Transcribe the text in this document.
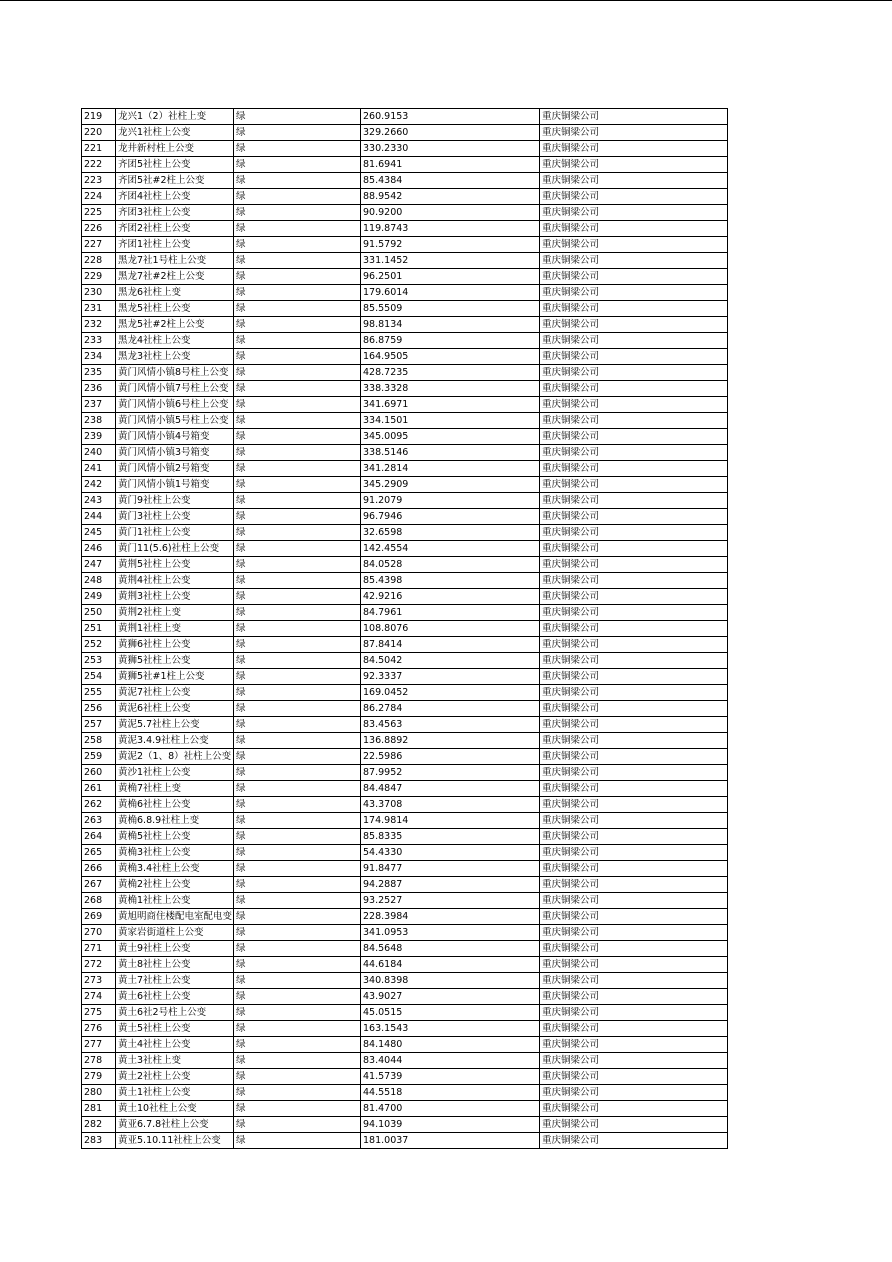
219	龙兴1（2）社柱上变	绿	260.9153	重庆铜梁公司
220	龙兴1社柱上公变	绿	329.2660	重庆铜梁公司
221	龙井新村柱上公变	绿	330.2330	重庆铜梁公司
222	齐团5社柱上公变	绿	81.6941	重庆铜梁公司
223	齐团5社#2柱上公变	绿	85.4384	重庆铜梁公司
224	齐团4社柱上公变	绿	88.9542	重庆铜梁公司
225	齐团3社柱上公变	绿	90.9200	重庆铜梁公司
226	齐团2社柱上公变	绿	119.8743	重庆铜梁公司
227	齐团1社柱上公变	绿	91.5792	重庆铜梁公司
228	黑龙7社1号柱上公变	绿	331.1452	重庆铜梁公司
229	黑龙7社#2柱上公变	绿	96.2501	重庆铜梁公司
230	黑龙6社柱上变	绿	179.6014	重庆铜梁公司
231	黑龙5社柱上公变	绿	85.5509	重庆铜梁公司
232	黑龙5社#2柱上公变	绿	98.8134	重庆铜梁公司
233	黑龙4社柱上公变	绿	86.8759	重庆铜梁公司
234	黑龙3社柱上公变	绿	164.9505	重庆铜梁公司
235	黄门风情小镇8号柱上公变	绿	428.7235	重庆铜梁公司
236	黄门风情小镇7号柱上公变	绿	338.3328	重庆铜梁公司
237	黄门风情小镇6号柱上公变	绿	341.6971	重庆铜梁公司
238	黄门风情小镇5号柱上公变	绿	334.1501	重庆铜梁公司
239	黄门风情小镇4号箱变	绿	345.0095	重庆铜梁公司
240	黄门风情小镇3号箱变	绿	338.5146	重庆铜梁公司
241	黄门风情小镇2号箱变	绿	341.2814	重庆铜梁公司
242	黄门风情小镇1号箱变	绿	345.2909	重庆铜梁公司
243	黄门9社柱上公变	绿	91.2079	重庆铜梁公司
244	黄门3社柱上公变	绿	96.7946	重庆铜梁公司
245	黄门1社柱上公变	绿	32.6598	重庆铜梁公司
246	黄门11(5.6)社柱上公变	绿	142.4554	重庆铜梁公司
247	黄荆5社柱上公变	绿	84.0528	重庆铜梁公司
248	黄荆4社柱上公变	绿	85.4398	重庆铜梁公司
249	黄荆3社柱上公变	绿	42.9216	重庆铜梁公司
250	黄荆2社柱上变	绿	84.7961	重庆铜梁公司
251	黄荆1社柱上变	绿	108.8076	重庆铜梁公司
252	黄狮6社柱上公变	绿	87.8414	重庆铜梁公司
253	黄狮5社柱上公变	绿	84.5042	重庆铜梁公司
254	黄狮5社#1柱上公变	绿	92.3337	重庆铜梁公司
255	黄泥7社柱上公变	绿	169.0452	重庆铜梁公司
256	黄泥6社柱上公变	绿	86.2784	重庆铜梁公司
257	黄泥5.7社柱上公变	绿	83.4563	重庆铜梁公司
258	黄泥3.4.9社柱上公变	绿	136.8892	重庆铜梁公司
259	黄泥2（1、8）社柱上公变	绿	22.5986	重庆铜梁公司
260	黄沙1社柱上公变	绿	87.9952	重庆铜梁公司
261	黄桷7社柱上变	绿	84.4847	重庆铜梁公司
262	黄桷6社柱上公变	绿	43.3708	重庆铜梁公司
263	黄桷6.8.9社柱上变	绿	174.9814	重庆铜梁公司
264	黄桷5社柱上公变	绿	85.8335	重庆铜梁公司
265	黄桷3社柱上公变	绿	54.4330	重庆铜梁公司
266	黄桷3.4社柱上公变	绿	91.8477	重庆铜梁公司
267	黄桷2社柱上公变	绿	94.2887	重庆铜梁公司
268	黄桷1社柱上公变	绿	93.2527	重庆铜梁公司
269	黄旭明商住楼配电室配电变	绿	228.3984	重庆铜梁公司
270	黄家岩街道柱上公变	绿	341.0953	重庆铜梁公司
271	黄土9社柱上公变	绿	84.5648	重庆铜梁公司
272	黄土8社柱上公变	绿	44.6184	重庆铜梁公司
273	黄土7社柱上公变	绿	340.8398	重庆铜梁公司
274	黄土6社柱上公变	绿	43.9027	重庆铜梁公司
275	黄土6社2号柱上公变	绿	45.0515	重庆铜梁公司
276	黄土5社柱上公变	绿	163.1543	重庆铜梁公司
277	黄土4社柱上公变	绿	84.1480	重庆铜梁公司
278	黄土3社柱上变	绿	83.4044	重庆铜梁公司
279	黄土2社柱上公变	绿	41.5739	重庆铜梁公司
280	黄土1社柱上公变	绿	44.5518	重庆铜梁公司
281	黄土10社柱上公变	绿	81.4700	重庆铜梁公司
282	黄亚6.7.8社柱上公变	绿	94.1039	重庆铜梁公司
283	黄亚5.10.11社柱上公变	绿	181.0037	重庆铜梁公司
